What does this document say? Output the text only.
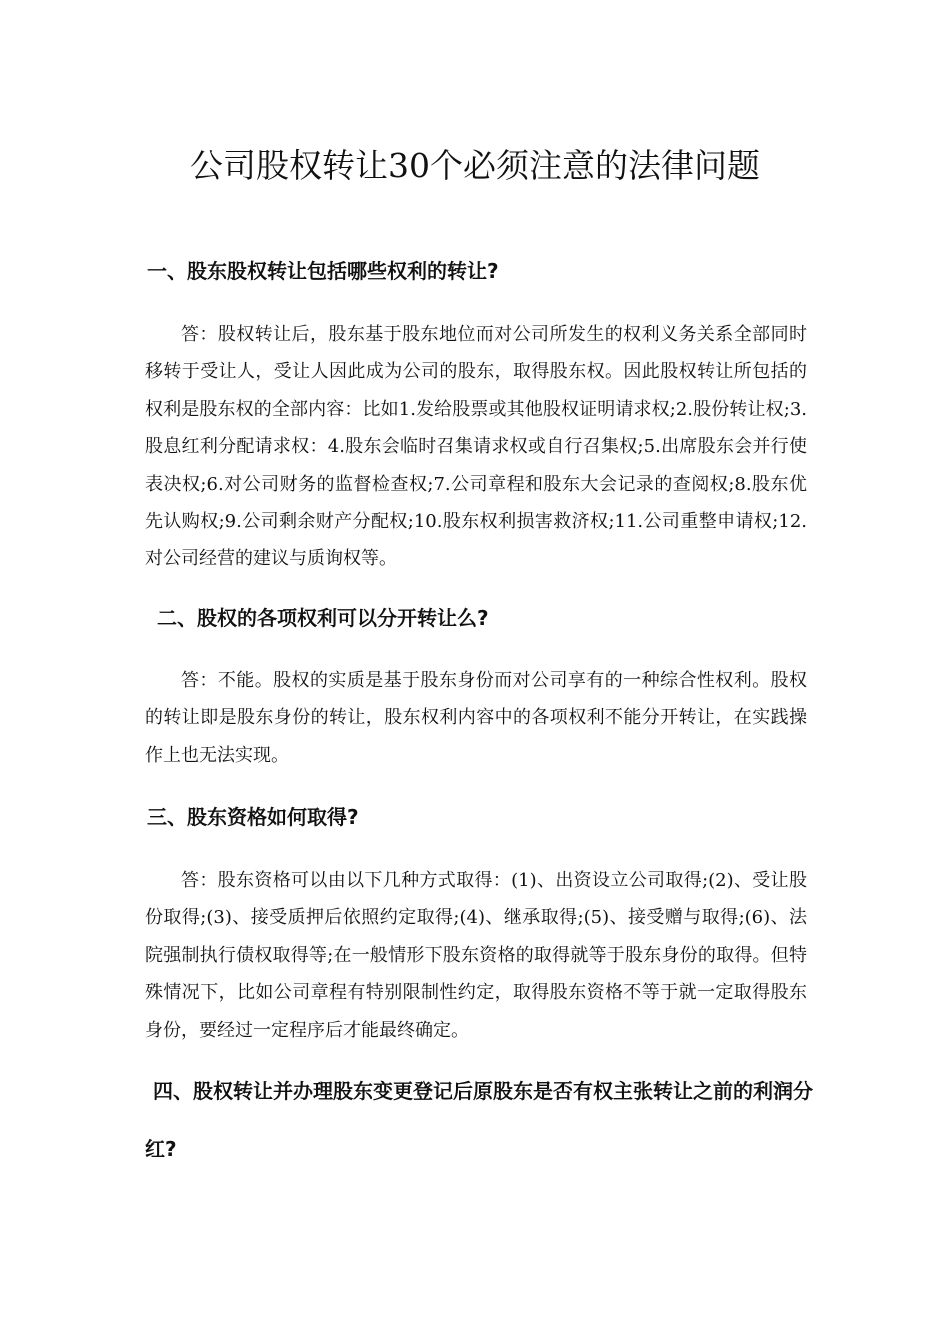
公司股权转让30个必须注意的法律问题
一、股东股权转让包括哪些权利的转让?

答：股权转让后，股东基于股东地位而对公司所发生的权利义务关系全部同时移转于受让人，受让人因此成为公司的股东，取得股东权。因此股权转让所包括的权利是股东权的全部内容：比如1.发给股票或其他股权证明请求权;2.股份转让权;3.股息红利分配请求权：4.股东会临时召集请求权或自行召集权;5.出席股东会并行使表决权;6.对公司财务的监督检查权;7.公司章程和股东大会记录的查阅权;8.股东优先认购权;9.公司剩余财产分配权;10.股东权利损害救济权;11.公司重整申请权;12.对公司经营的建议与质询权等。

二、股权的各项权利可以分开转让么?

答：不能。股权的实质是基于股东身份而对公司享有的一种综合性权利。股权的转让即是股东身份的转让，股东权利内容中的各项权利不能分开转让，在实践操作上也无法实现。

三、股东资格如何取得?

答：股东资格可以由以下几种方式取得：(1)、出资设立公司取得;(2)、受让股份取得;(3)、接受质押后依照约定取得;(4)、继承取得;(5)、接受赠与取得;(6)、法院强制执行债权取得等;在一般情形下股东资格的取得就等于股东身份的取得。但特殊情况下，比如公司章程有特别限制性约定，取得股东资格不等于就一定取得股东身份，要经过一定程序后才能最终确定。

四、股权转让并办理股东变更登记后原股东是否有权主张转让之前的利润分红?
